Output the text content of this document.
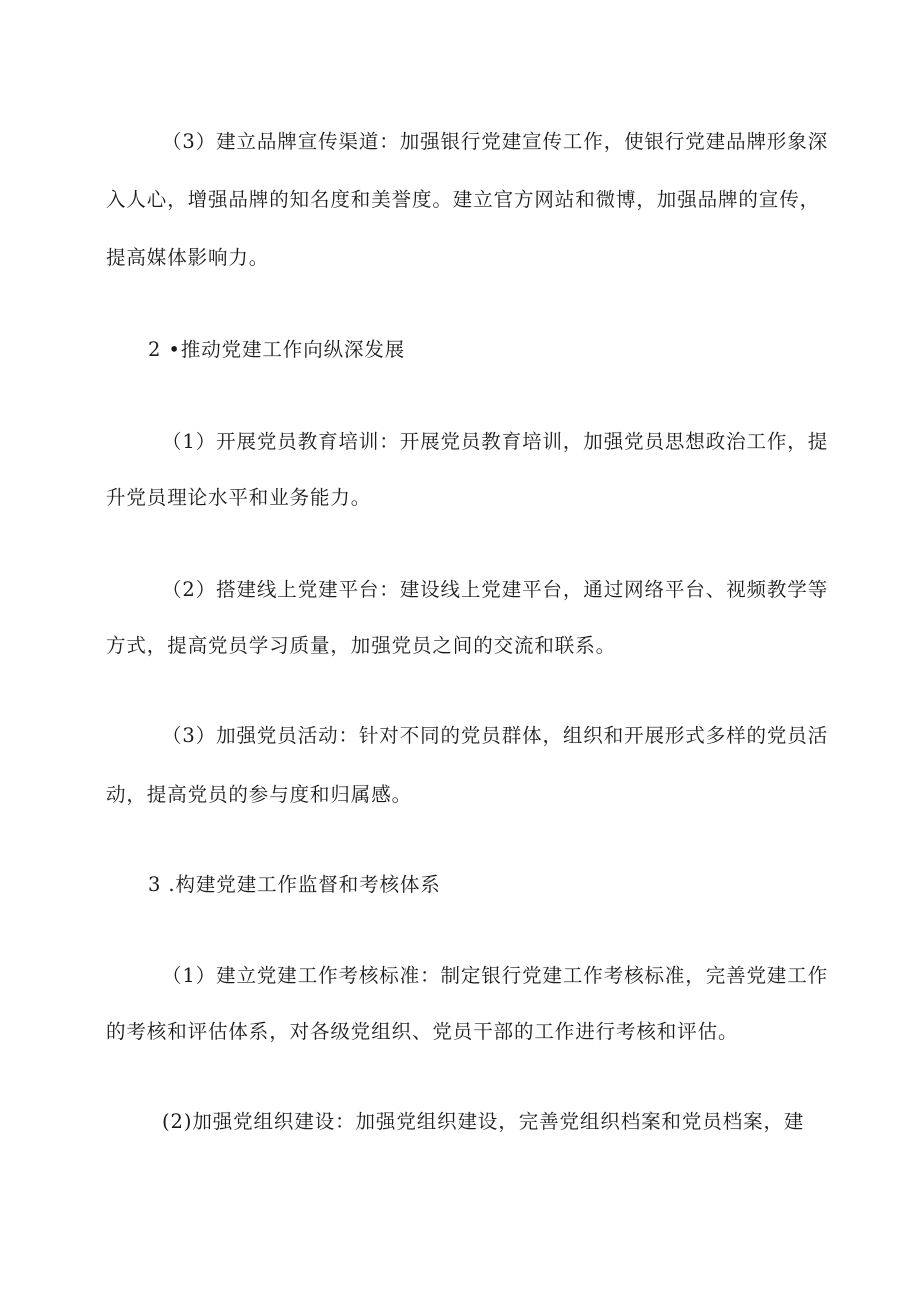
（3）建立品牌宣传渠道：加强银行党建宣传工作，使银行党建品牌形象深
入人心，增强品牌的知名度和美誉度。建立官方网站和微博，加强品牌的宣传，
提高媒体影响力。
2 •推动党建工作向纵深发展
（1）开展党员教育培训：开展党员教育培训，加强党员思想政治工作，提
升党员理论水平和业务能力。
（2）搭建线上党建平台：建设线上党建平台，通过网络平台、视频教学等
方式，提高党员学习质量，加强党员之间的交流和联系。
（3）加强党员活动：针对不同的党员群体，组织和开展形式多样的党员活
动，提高党员的参与度和归属感。
3 .构建党建工作监督和考核体系
（1）建立党建工作考核标准：制定银行党建工作考核标准，完善党建工作
的考核和评估体系，对各级党组织、党员干部的工作进行考核和评估。
(2)加强党组织建设：加强党组织建设，完善党组织档案和党员档案，建
